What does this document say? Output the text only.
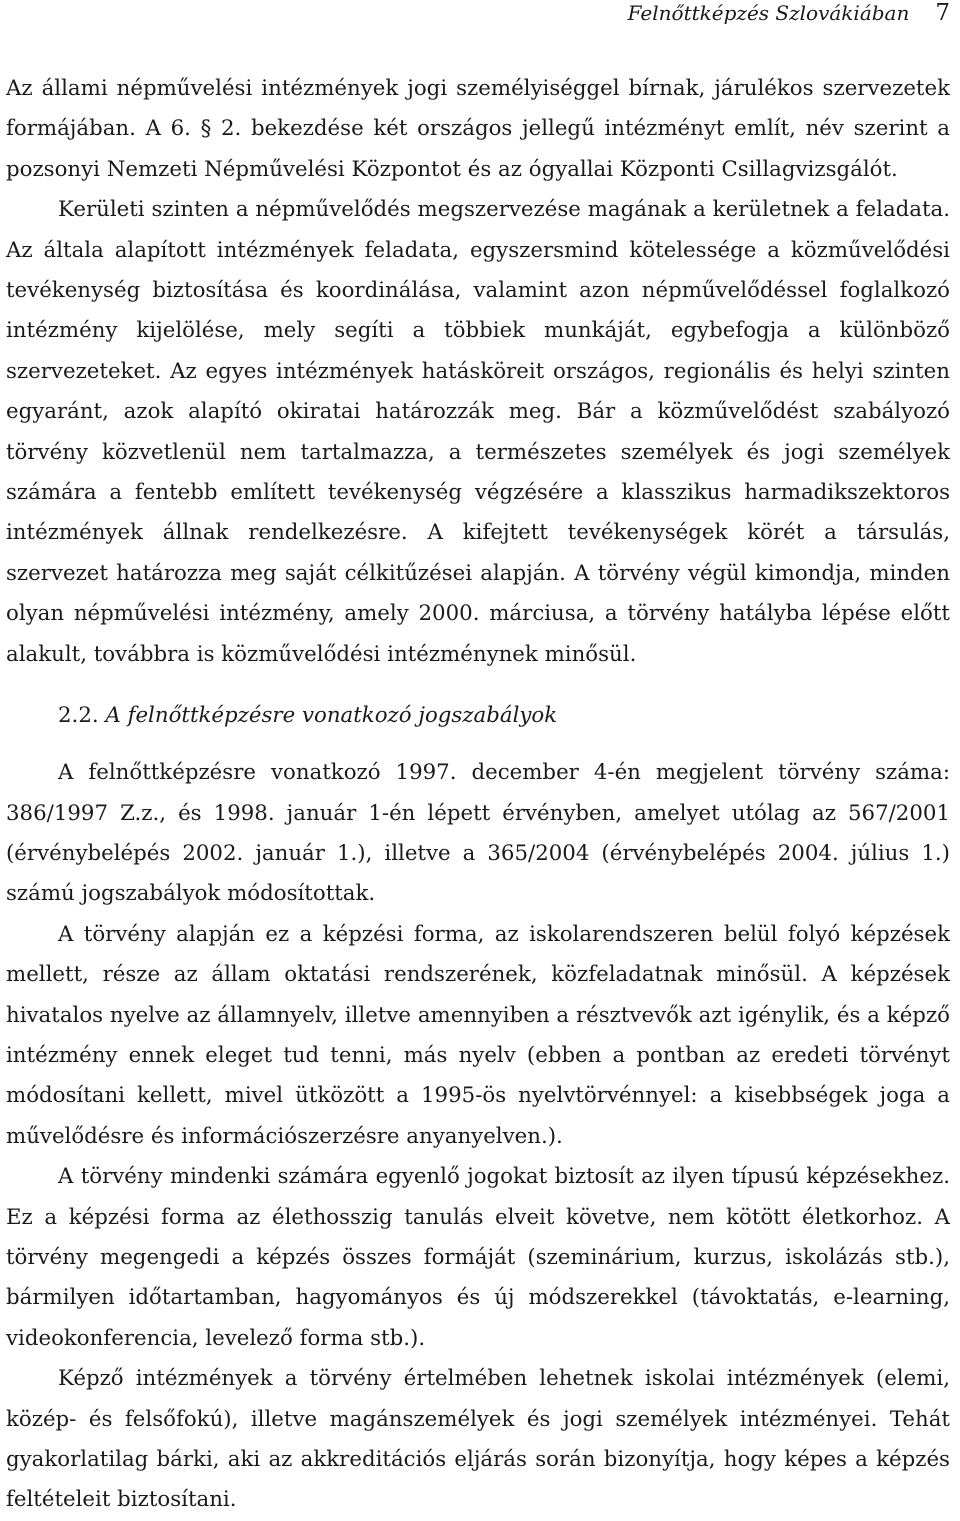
Felnőttképzés Szlovákiában 7

Az állami népművelési intézmények jogi személyiséggel bírnak, járulékos szervezetek formájában. A 6. § 2. bekezdése két országos jellegű intézményt említ, név szerint a pozsonyi Nemzeti Népművelési Központot és az ógyallai Központi Csillagvizsgálót.

Kerületi szinten a népművelődés megszervezése magának a kerületnek a feladata. Az általa alapított intézmények feladata, egyszersmind kötelessége a közművelődési tevékenység biztosítása és koordinálása, valamint azon népművelődéssel foglalkozó intézmény kijelölése, mely segíti a többiek munkáját, egybefogja a különböző szervezeteket. Az egyes intézmények hatásköreit országos, regionális és helyi szinten egyaránt, azok alapító okiratai határozzák meg. Bár a közművelődést szabályozó törvény közvetlenül nem tartalmazza, a természetes személyek és jogi személyek számára a fentebb említett tevékenység végzésére a klasszikus harmadikszektoros intézmények állnak rendelkezésre. A kifejtett tevékenységek körét a társulás, szervezet határozza meg saját célkitűzései alapján. A törvény végül kimondja, minden olyan népművelési intézmény, amely 2000. márciusa, a törvény hatályba lépése előtt alakult, továbbra is közművelődési intézménynek minősül.

2.2. A felnőttképzésre vonatkozó jogszabályok

A felnőttképzésre vonatkozó 1997. december 4-én megjelent törvény száma: 386/1997 Z.z., és 1998. január 1-én lépett érvényben, amelyet utólag az 567/2001 (érvénybelépés 2002. január 1.), illetve a 365/2004 (érvénybelépés 2004. július 1.) számú jogszabályok módosítottak.

A törvény alapján ez a képzési forma, az iskolarendszeren belül folyó képzések mellett, része az állam oktatási rendszerének, közfeladatnak minősül. A képzések hivatalos nyelve az államnyelv, illetve amennyiben a résztvevők azt igénylik, és a képző intézmény ennek eleget tud tenni, más nyelv (ebben a pontban az eredeti törvényt módosítani kellett, mivel ütközött a 1995-ös nyelvtörvénnyel: a kisebbségek joga a művelődésre és információszerzésre anyanyelven.).

A törvény mindenki számára egyenlő jogokat biztosít az ilyen típusú képzésekhez. Ez a képzési forma az élethosszig tanulás elveit követve, nem kötött életkorhoz. A törvény megengedi a képzés összes formáját (szeminárium, kurzus, iskolázás stb.), bármilyen időtartamban, hagyományos és új módszerekkel (távoktatás, e-learning, videokonferencia, levelező forma stb.).

Képző intézmények a törvény értelmében lehetnek iskolai intézmények (elemi, közép- és felsőfokú), illetve magánszemélyek és jogi személyek intézményei. Tehát gyakorlatilag bárki, aki az akkreditációs eljárás során bizonyítja, hogy képes a képzés feltételeit biztosítani.
